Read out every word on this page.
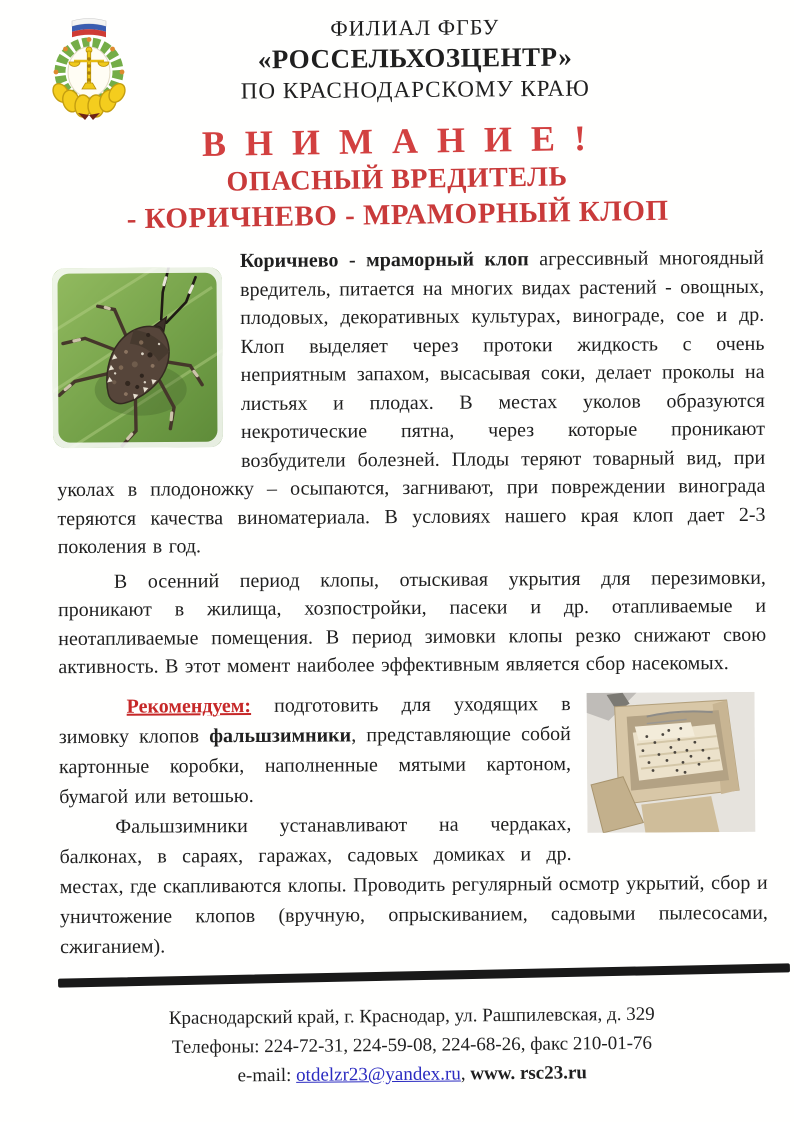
ФИЛИАЛ ФГБУ
«РОССЕЛЬХОЗЦЕНТР»
ПО КРАСНОДАРСКОМУ КРАЮ
В Н И М А Н И Е !
ОПАСНЫЙ ВРЕДИТЕЛЬ
- КОРИЧНЕВО - МРАМОРНЫЙ КЛОП

Коричнево - мраморный клоп агрессивный многоядный вредитель, питается на многих видах растений - овощных, плодовых, декоративных культурах, винограде, сое и др. Клоп выделяет через протоки жидкость с очень неприятным запахом, высасывая соки, делает проколы на листьях и плодах. В местах уколов образуются некротические пятна, через которые проникают возбудители болезней. Плоды теряют товарный вид, при уколах в плодоножку – осыпаются, загнивают, при повреждении винограда теряются качества виноматериала. В условиях нашего края клоп дает 2-3 поколения в год.

В осенний период клопы, отыскивая укрытия для перезимовки, проникают в жилища, хозпостройки, пасеки и др. отапливаемые и неотапливаемые помещения. В период зимовки клопы резко снижают свою активность. В этот момент наиболее эффективным является сбор насекомых.

Рекомендуем: подготовить для уходящих в зимовку клопов фальшзимники, представляющие собой картонные коробки, наполненные мятыми картоном, бумагой или ветошью.

Фальшзимники устанавливают на чердаках, балконах, в сараях, гаражах, садовых домиках и др. местах, где скапливаются клопы. Проводить регулярный осмотр укрытий, сбор и уничтожение клопов (вручную, опрыскиванием, садовыми пылесосами, сжиганием).

Краснодарский край, г. Краснодар, ул. Рашпилевская, д. 329
Телефоны: 224-72-31, 224-59-08, 224-68-26, факс 210-01-76
e-mail: otdelzr23@yandex.ru, www. rsc23.ru
